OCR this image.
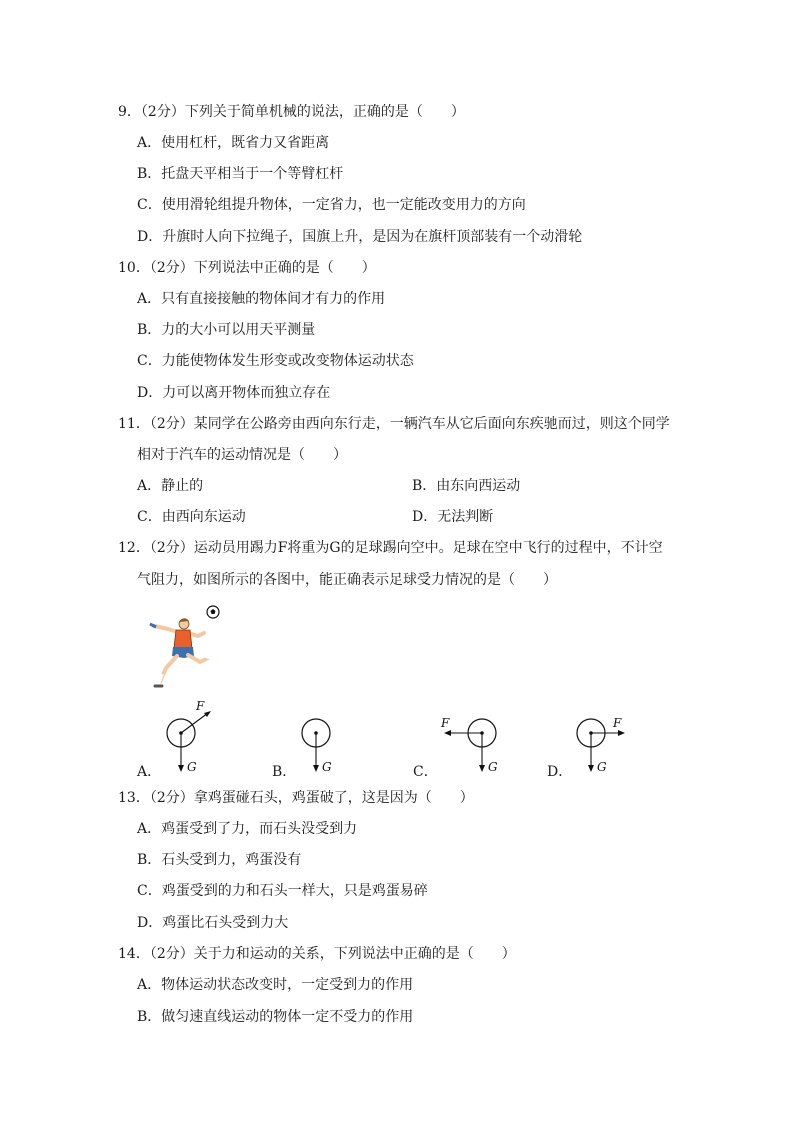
9．（2分）下列关于简单机械的说法，正确的是（　　）
A．使用杠杆，既省力又省距离
B．托盘天平相当于一个等臂杠杆
C．使用滑轮组提升物体，一定省力，也一定能改变用力的方向
D．升旗时人向下拉绳子，国旗上升，是因为在旗杆顶部装有一个动滑轮
10．（2分）下列说法中正确的是（　　）
A．只有直接接触的物体间才有力的作用
B．力的大小可以用天平测量
C．力能使物体发生形变或改变物体运动状态
D．力可以离开物体而独立存在
11．（2分）某同学在公路旁由西向东行走，一辆汽车从它后面向东疾驰而过，则这个同学
相对于汽车的运动情况是（　　）
A．静止的	B．由东向西运动
C．由西向东运动	D．无法判断
12．（2分）运动员用踢力F将重为G的足球踢向空中。足球在空中飞行的过程中，不计空
气阻力，如图所示的各图中，能正确表示足球受力情况的是（　　）
A．
F
G	B． G	C．
F
G	D．
F
G
13．（2分）拿鸡蛋碰石头，鸡蛋破了，这是因为（　　）
A．鸡蛋受到了力，而石头没受到力
B．石头受到力，鸡蛋没有
C．鸡蛋受到的力和石头一样大，只是鸡蛋易碎
D．鸡蛋比石头受到力大
14．（2分）关于力和运动的关系，下列说法中正确的是（　　）
A．物体运动状态改变时，一定受到力的作用
B．做匀速直线运动的物体一定不受力的作用
